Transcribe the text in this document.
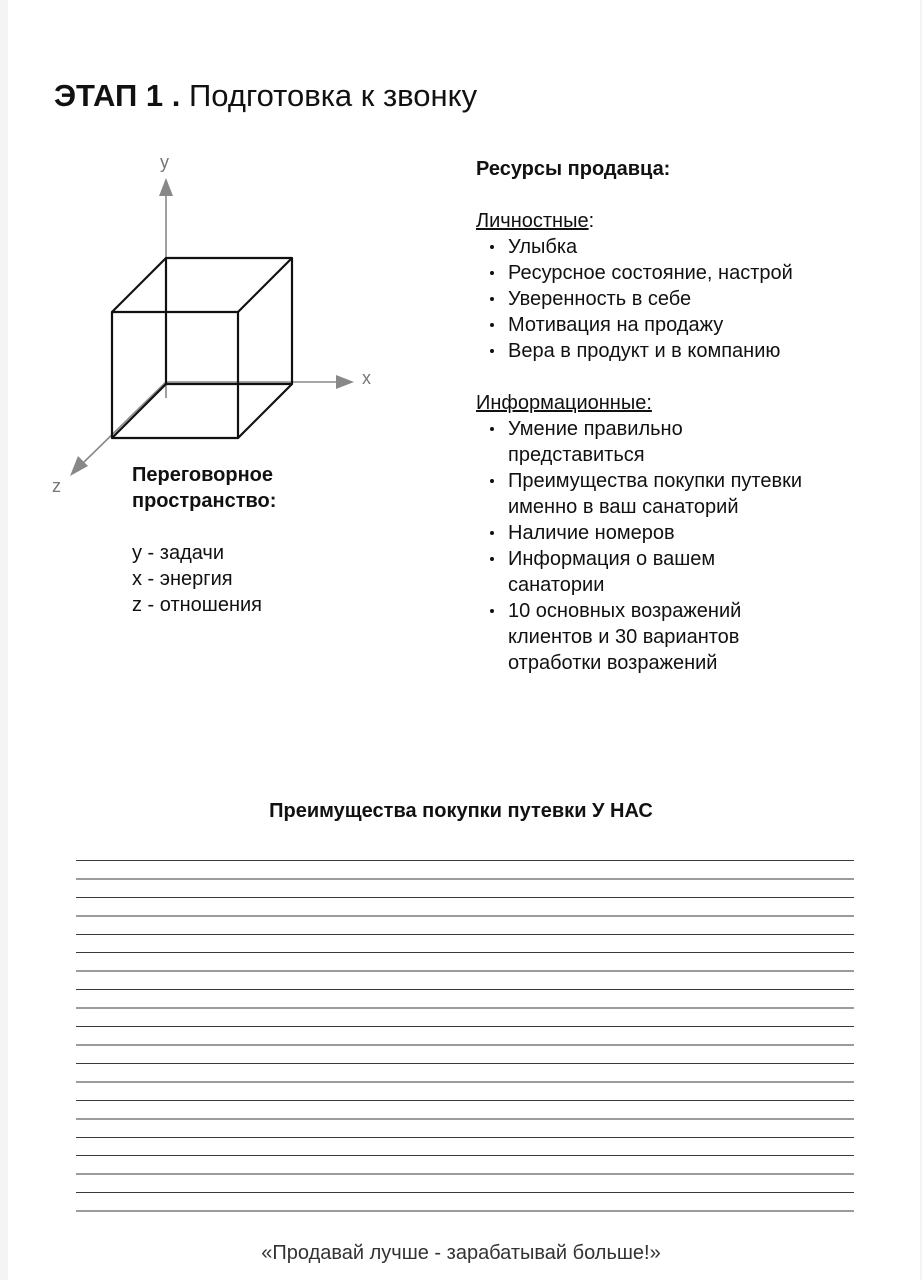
ЭТАП 1 . Подготовка к звонку
y
x
z	Переговорное пространство:

y - задачи

x - энергия

z - отношения

Ресурсы продавца:

Личностные:

Улыбка
Ресурсное состояние, настрой
Уверенность в себе
Мотивация на продажу
Вера в продукт и в компанию

Информационные:

Умение правильно представиться
Преимущества покупки путевки именно в ваш санаторий
Наличие номеров
Информация о вашем санатории
10 основных возражений клиентов и 30 вариантов отработки возражений

Преимущества покупки путевки У НАС

«Продавай лучше - зарабатывай больше!»
